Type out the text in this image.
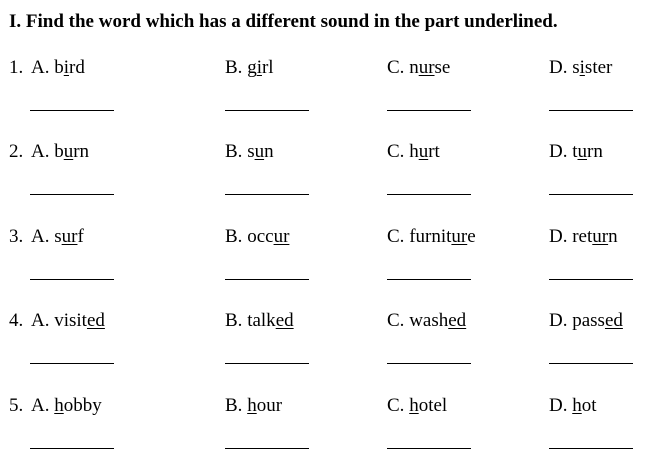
I. Find the word which has a different sound in the part underlined.
1. A. bird	B. girl	C. nurse	D. sister
2. A. burn	B. sun	C. hurt	D. turn
3. A. surf	B. occur	C. furniture	D. return
4. A. visited	B. talked	C. washed	D. passed
5. A. hobby	B. hour	C. hotel	D. hot
